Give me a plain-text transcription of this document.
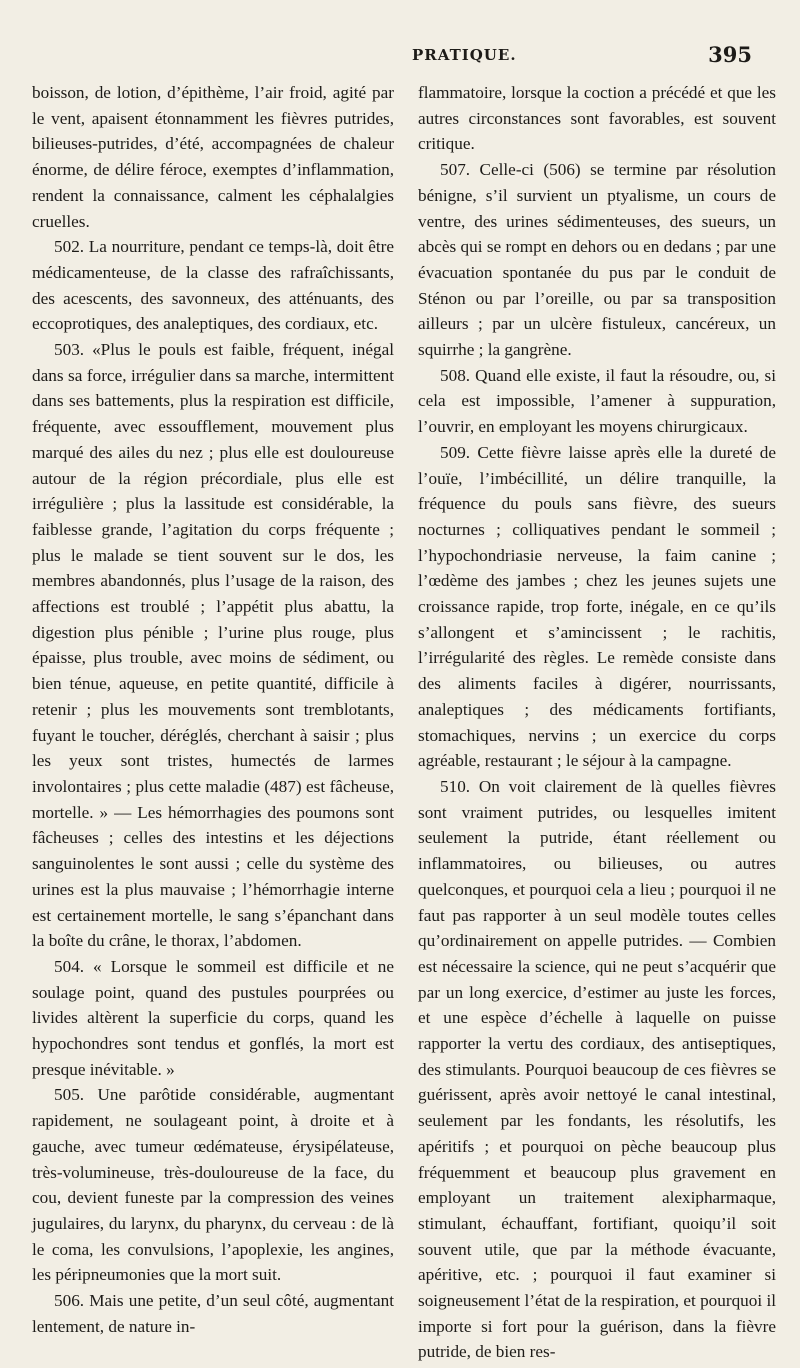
PRATIQUE.	395

boisson, de lotion, d’épithème, l’air froid, agité par le vent, apaisent étonnamment les fièvres putrides, bilieuses-putrides, d’été, accompagnées de chaleur énorme, de délire féroce, exemptes d’inflammation, rendent la connaissance, calment les céphalalgies cruelles.

502. La nourriture, pendant ce temps-là, doit être médicamenteuse, de la classe des rafraîchissants, des acescents, des savonneux, des atténuants, des eccoprotiques, des analeptiques, des cordiaux, etc.

503. «Plus le pouls est faible, fréquent, inégal dans sa force, irrégulier dans sa marche, intermittent dans ses battements, plus la respiration est difficile, fréquente, avec essoufflement, mouvement plus marqué des ailes du nez ; plus elle est douloureuse autour de la région précordiale, plus elle est irrégulière ; plus la lassitude est considérable, la faiblesse grande, l’agitation du corps fréquente ; plus le malade se tient souvent sur le dos, les membres abandonnés, plus l’usage de la raison, des affections est troublé ; l’appétit plus abattu, la digestion plus pénible ; l’urine plus rouge, plus épaisse, plus trouble, avec moins de sédiment, ou bien ténue, aqueuse, en petite quantité, difficile à retenir ; plus les mouvements sont tremblotants, fuyant le toucher, déréglés, cherchant à saisir ; plus les yeux sont tristes, humectés de larmes involontaires ; plus cette maladie (487) est fâcheuse, mortelle. » — Les hémorrhagies des poumons sont fâcheuses ; celles des intestins et les déjections sanguinolentes le sont aussi ; celle du système des urines est la plus mauvaise ; l’hémorrhagie interne est certainement mortelle, le sang s’épanchant dans la boîte du crâne, le thorax, l’abdomen.

504. « Lorsque le sommeil est difficile et ne soulage point, quand des pustules pourprées ou livides altèrent la superficie du corps, quand les hypochondres sont tendus et gonflés, la mort est presque inévitable. »

505. Une parôtide considérable, augmentant rapidement, ne soulageant point, à droite et à gauche, avec tumeur œdémateuse, érysipélateuse, très-volumineuse, très-douloureuse de la face, du cou, devient funeste par la compression des veines jugulaires, du larynx, du pharynx, du cerveau : de là le coma, les convulsions, l’apoplexie, les angines, les péripneumonies que la mort suit.

506. Mais une petite, d’un seul côté, augmentant lentement, de nature in-

flammatoire, lorsque la coction a précédé et que les autres circonstances sont favorables, est souvent critique.

507. Celle-ci (506) se termine par résolution bénigne, s’il survient un ptyalisme, un cours de ventre, des urines sédimenteuses, des sueurs, un abcès qui se rompt en dehors ou en dedans ; par une évacuation spontanée du pus par le conduit de Sténon ou par l’oreille, ou par sa transposition ailleurs ; par un ulcère fistuleux, cancéreux, un squirrhe ; la gangrène.

508. Quand elle existe, il faut la résoudre, ou, si cela est impossible, l’amener à suppuration, l’ouvrir, en employant les moyens chirurgicaux.

509. Cette fièvre laisse après elle la dureté de l’ouïe, l’imbécillité, un délire tranquille, la fréquence du pouls sans fièvre, des sueurs nocturnes ; colliquatives pendant le sommeil ; l’hypochondriasie nerveuse, la faim canine ; l’œdème des jambes ; chez les jeunes sujets une croissance rapide, trop forte, inégale, en ce qu’ils s’allongent et s’amincissent ; le rachitis, l’irrégularité des règles. Le remède consiste dans des aliments faciles à digérer, nourrissants, analeptiques ; des médicaments fortifiants, stomachiques, nervins ; un exercice du corps agréable, restaurant ; le séjour à la campagne.

510. On voit clairement de là quelles fièvres sont vraiment putrides, ou lesquelles imitent seulement la putride, étant réellement ou inflammatoires, ou bilieuses, ou autres quelconques, et pourquoi cela a lieu ; pourquoi il ne faut pas rapporter à un seul modèle toutes celles qu’ordinairement on appelle putrides. — Combien est nécessaire la science, qui ne peut s’acquérir que par un long exercice, d’estimer au juste les forces, et une espèce d’échelle à laquelle on puisse rapporter la vertu des cordiaux, des antiseptiques, des stimulants. Pourquoi beaucoup de ces fièvres se guérissent, après avoir nettoyé le canal intestinal, seulement par les fondants, les résolutifs, les apéritifs ; et pourquoi on pèche beaucoup plus fréquemment et beaucoup plus gravement en employant un traitement alexipharmaque, stimulant, échauffant, fortifiant, quoiqu’il soit souvent utile, que par la méthode évacuante, apéritive, etc. ; pourquoi il faut examiner si soigneusement l’état de la respiration, et pourquoi il importe si fort pour la guérison, dans la fièvre putride, de bien res-
